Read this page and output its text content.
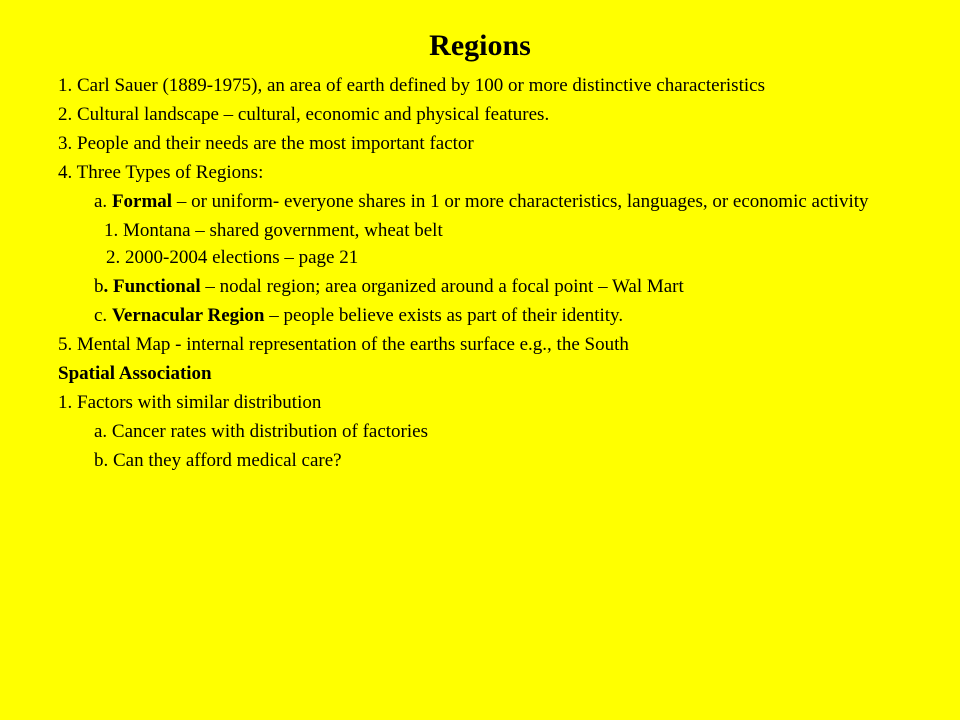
Regions
1. Carl Sauer (1889-1975), an area of earth defined by 100 or more distinctive characteristics
2. Cultural landscape – cultural, economic and physical features.
3. People and their needs are the most important factor
4. Three Types of Regions:
a. Formal – or uniform- everyone shares in 1 or more characteristics, languages, or economic activity
1. Montana – shared government, wheat belt
2. 2000-2004 elections – page 21
b. Functional – nodal region; area organized around a focal point – Wal Mart
c. Vernacular Region – people believe exists as part of their identity.
5. Mental Map - internal representation of the earths surface e.g., the South
Spatial Association
1. Factors with similar distribution
a. Cancer rates with distribution of factories
b. Can they afford medical care?
